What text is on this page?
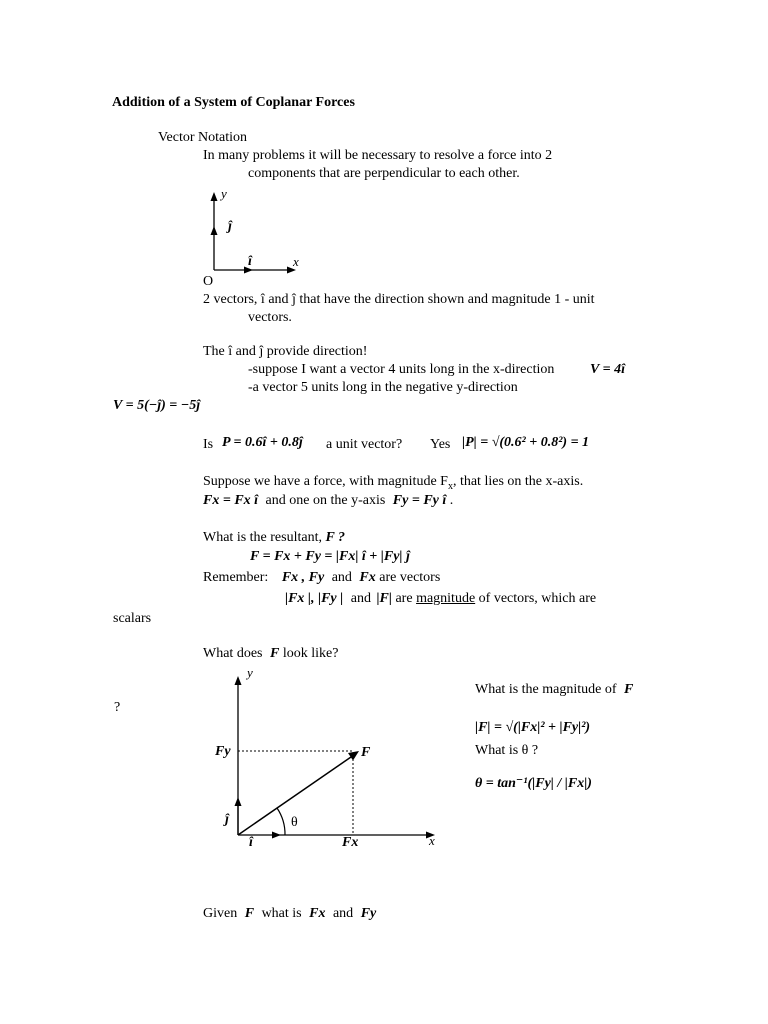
Addition of a System of Coplanar Forces
Vector Notation
In many problems it will be necessary to resolve a force into 2
components that are perpendicular to each other.
y
ĵ
î	x
O
2 vectors, î and ĵ that have the direction shown and magnitude 1 - unit
vectors.
The î and ĵ provide direction!
-suppose I want a vector 4 units long in the x-direction	V = 4î
-a vector 5 units long in the negative y-direction
V = 5(−ĵ) = −5ĵ
Is P = 0.6î + 0.8ĵ a unit vector? Yes |P| = √(0.6² + 0.8²) = 1
Suppose we have a force, with magnitude $F_x$, that lies on the x-axis.
Fx = Fx î and one on the y-axis Fy = Fy î .
What is the resultant, F ?
F = Fx + Fy = |Fx| î + |Fy| ĵ
Remember: Fx , Fy and Fx are vectors
|Fx |, |Fy | and |F| are magnitude of vectors, which are
scalars
What does F look like?
y
Fy	F
ĵ
î	Fx
θ
x
What is the magnitude of F
?
|F| = √(|Fx|² + |Fy|²)
What is θ ?
θ = tan⁻¹(|Fy| / |Fx|)
Given F what is Fx and Fy
